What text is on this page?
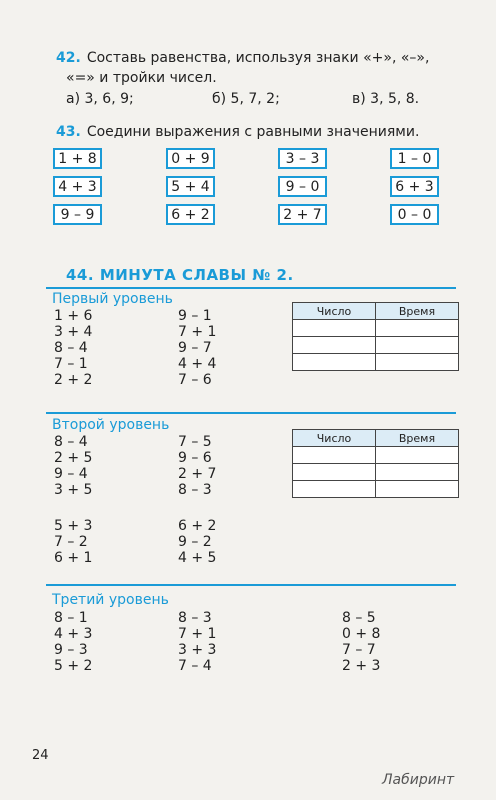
42. Составь равенства, используя знаки «+», «–»,
«=» и тройки чисел.
а) 3, 6, 9;	б) 5, 7, 2;	в) 3, 5, 8.
43. Соедини выражения с равными значениями.
1 + 8
4 + 3
9 – 9
0 + 9
5 + 4
6 + 2
3 – 3
9 – 0
2 + 7
1 – 0
6 + 3
0 – 0
44. МИНУТА СЛАВЫ № 2.
Первый уровень
1 + 6
3 + 4
8 – 4
7 – 1
2 + 2
9 – 1
7 + 1
9 – 7
4 + 4
7 – 6
Число	Время

Второй уровень
8 – 4
2 + 5
9 – 4
3 + 5
7 – 5
9 – 6
2 + 7
8 – 3
Число	Время

5 + 3
7 – 2
6 + 1
6 + 2
9 – 2
4 + 5
Третий уровень
8 – 1
4 + 3
9 – 3
5 + 2
8 – 3
7 + 1
3 + 3
7 – 4
8 – 5
0 + 8
7 – 7
2 + 3
24
Лабиринт
